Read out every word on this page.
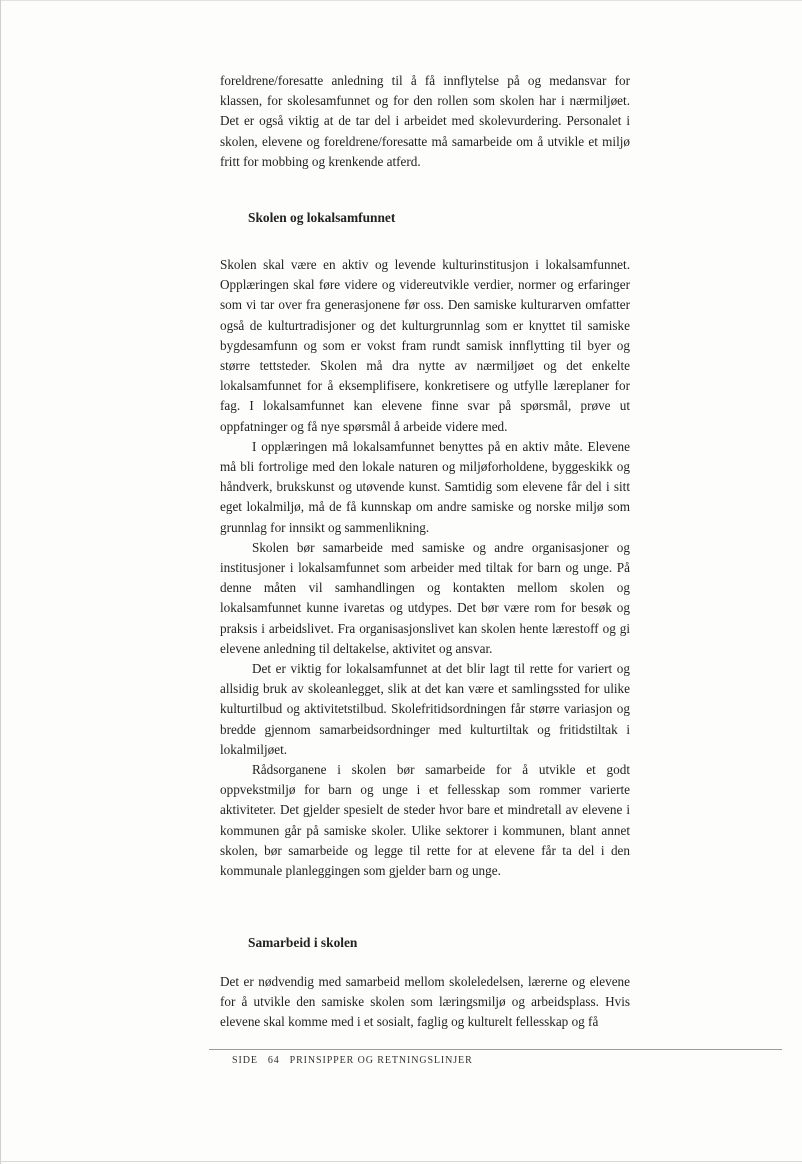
foreldrene/foresatte anledning til å få innflytelse på og medansvar for klassen, for skolesamfunnet og for den rollen som skolen har i nærmiljøet. Det er også viktig at de tar del i arbeidet med skolevurdering. Personalet i skolen, elevene og foreldrene/foresatte må samarbeide om å utvikle et miljø fritt for mobbing og krenkende atferd.

Skolen og lokalsamfunnet

Skolen skal være en aktiv og levende kulturinstitusjon i lokalsamfunnet. Opplæringen skal føre videre og videreutvikle verdier, normer og erfaringer som vi tar over fra generasjonene før oss. Den samiske kulturarven omfatter også de kulturtradisjoner og det kulturgrunnlag som er knyttet til samiske bygdesamfunn og som er vokst fram rundt samisk innflytting til byer og større tettsteder. Skolen må dra nytte av nærmiljøet og det enkelte lokalsamfunnet for å eksemplifisere, konkretisere og utfylle læreplaner for fag. I lokalsamfunnet kan elevene finne svar på spørsmål, prøve ut oppfatninger og få nye spørsmål å arbeide videre med.

I opplæringen må lokalsamfunnet benyttes på en aktiv måte. Elevene må bli fortrolige med den lokale naturen og miljøforholdene, byggeskikk og håndverk, brukskunst og utøvende kunst. Samtidig som elevene får del i sitt eget lokalmiljø, må de få kunnskap om andre samiske og norske miljø som grunnlag for innsikt og sammenlikning.

Skolen bør samarbeide med samiske og andre organisasjoner og institusjoner i lokalsamfunnet som arbeider med tiltak for barn og unge. På denne måten vil samhandlingen og kontakten mellom skolen og lokalsamfunnet kunne ivaretas og utdypes. Det bør være rom for besøk og praksis i arbeidslivet. Fra organisasjonslivet kan skolen hente lærestoff og gi elevene anledning til deltakelse, aktivitet og ansvar.

Det er viktig for lokalsamfunnet at det blir lagt til rette for variert og allsidig bruk av skoleanlegget, slik at det kan være et samlingssted for ulike kulturtilbud og aktivitetstilbud. Skolefritidsordningen får større variasjon og bredde gjennom samarbeidsordninger med kulturtiltak og fritidstiltak i lokalmiljøet.

Rådsorganene i skolen bør samarbeide for å utvikle et godt oppvekstmiljø for barn og unge i et fellesskap som rommer varierte aktiviteter. Det gjelder spesielt de steder hvor bare et mindretall av elevene i kommunen går på samiske skoler. Ulike sektorer i kommunen, blant annet skolen, bør samarbeide og legge til rette for at elevene får ta del i den kommunale planleggingen som gjelder barn og unge.

Samarbeid i skolen

Det er nødvendig med samarbeid mellom skoleledelsen, lærerne og elevene for å utvikle den samiske skolen som læringsmiljø og arbeidsplass. Hvis elevene skal komme med i et sosialt, faglig og kulturelt fellesskap og få

SIDE 64 PRINSIPPER OG RETNINGSLINJER
